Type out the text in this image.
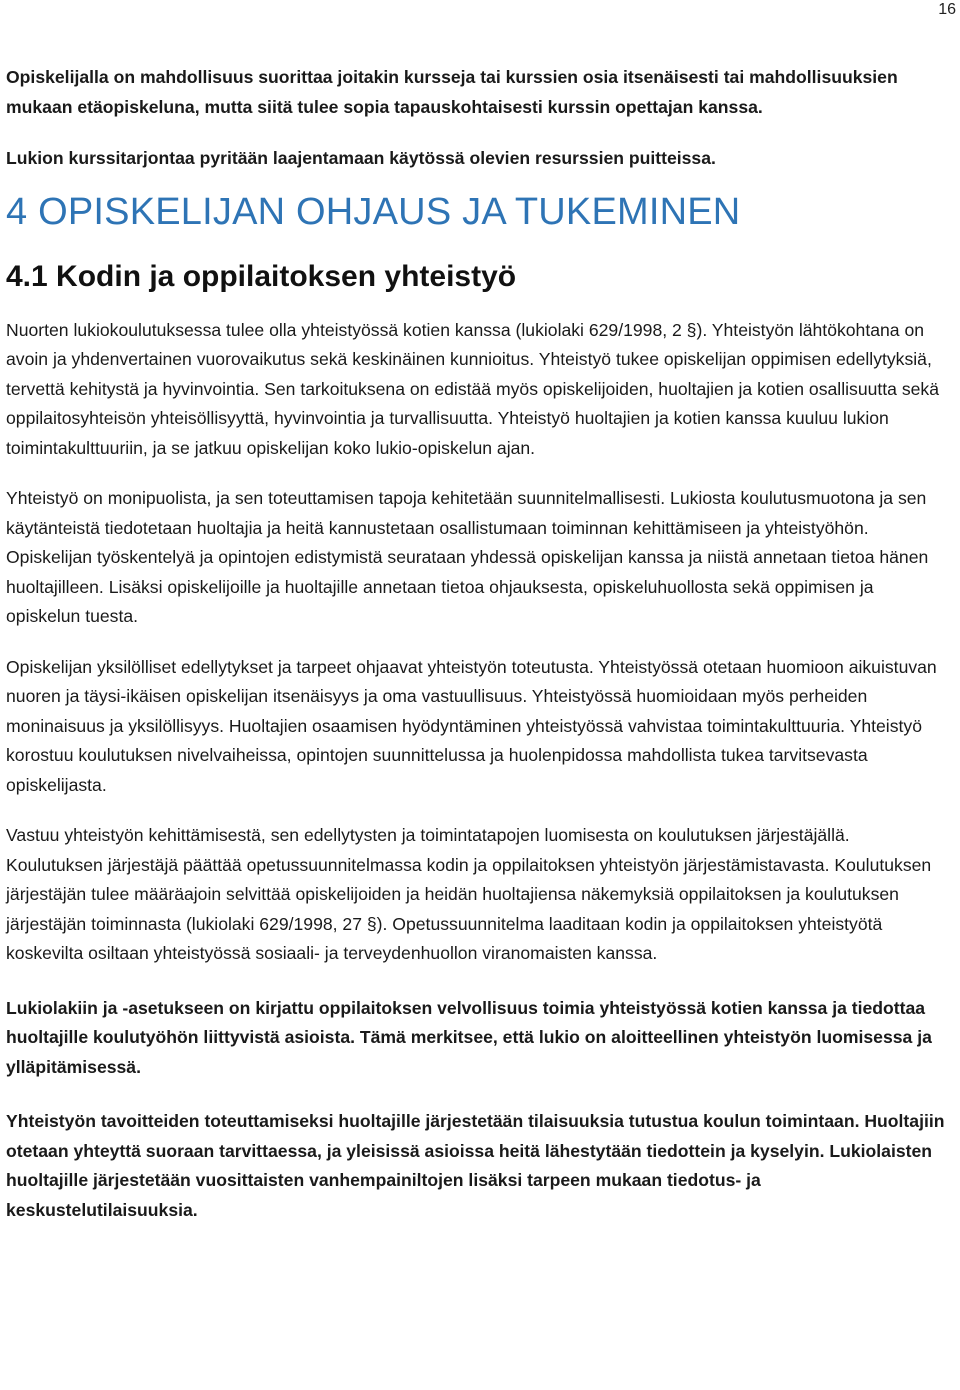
16

Opiskelijalla on mahdollisuus suorittaa joitakin kursseja tai kurssien osia itsenäisesti tai mahdollisuuksien mukaan etäopiskeluna, mutta siitä tulee sopia tapauskohtaisesti kurssin opettajan kanssa.

Lukion kurssitarjontaa pyritään laajentamaan käytössä olevien resurssien puitteissa.

4 OPISKELIJAN OHJAUS JA TUKEMINEN
4.1 Kodin ja oppilaitoksen yhteistyö

Nuorten lukiokoulutuksessa tulee olla yhteistyössä kotien kanssa (lukiolaki 629/1998, 2 §). Yhteistyön lähtökohtana on avoin ja yhdenvertainen vuorovaikutus sekä keskinäinen kunnioitus. Yhteistyö tukee opiskelijan oppimisen edellytyksiä, tervettä kehitystä ja hyvinvointia. Sen tarkoituksena on edistää myös opiskelijoiden, huoltajien ja kotien osallisuutta sekä oppilaitosyhteisön yhteisöllisyyttä, hyvinvointia ja turvallisuutta. Yhteistyö huoltajien ja kotien kanssa kuuluu lukion toimintakulttuuriin, ja se jatkuu opiskelijan koko lukio-opiskelun ajan.

Yhteistyö on monipuolista, ja sen toteuttamisen tapoja kehitetään suunnitelmallisesti. Lukiosta koulutusmuotona ja sen käytänteistä tiedotetaan huoltajia ja heitä kannustetaan osallistumaan toiminnan kehittämiseen ja yhteistyöhön. Opiskelijan työskentelyä ja opintojen edistymistä seurataan yhdessä opiskelijan kanssa ja niistä annetaan tietoa hänen huoltajilleen. Lisäksi opiskelijoille ja huoltajille annetaan tietoa ohjauksesta, opiskeluhuollosta sekä oppimisen ja opiskelun tuesta.

Opiskelijan yksilölliset edellytykset ja tarpeet ohjaavat yhteistyön toteutusta. Yhteistyössä otetaan huomioon aikuistuvan nuoren ja täysi-ikäisen opiskelijan itsenäisyys ja oma vastuullisuus. Yhteistyössä huomioidaan myös perheiden moninaisuus ja yksilöllisyys. Huoltajien osaamisen hyödyntäminen yhteistyössä vahvistaa toimintakulttuuria. Yhteistyö korostuu koulutuksen nivelvaiheissa, opintojen suunnittelussa ja huolenpidossa mahdollista tukea tarvitsevasta opiskelijasta.

Vastuu yhteistyön kehittämisestä, sen edellytysten ja toimintatapojen luomisesta on koulutuksen järjestäjällä. Koulutuksen järjestäjä päättää opetussuunnitelmassa kodin ja oppilaitoksen yhteistyön järjestämistavasta. Koulutuksen järjestäjän tulee määräajoin selvittää opiskelijoiden ja heidän huoltajiensa näkemyksiä oppilaitoksen ja koulutuksen järjestäjän toiminnasta (lukiolaki 629/1998, 27 §). Opetussuunnitelma laaditaan kodin ja oppilaitoksen yhteistyötä koskevilta osiltaan yhteistyössä sosiaali- ja terveydenhuollon viranomaisten kanssa.

Lukiolakiin ja -asetukseen on kirjattu oppilaitoksen velvollisuus toimia yhteistyössä kotien kanssa ja tiedottaa huoltajille koulutyöhön liittyvistä asioista. Tämä merkitsee, että lukio on aloitteellinen yhteistyön luomisessa ja ylläpitämisessä.

Yhteistyön tavoitteiden toteuttamiseksi huoltajille järjestetään tilaisuuksia tutustua koulun toimintaan. Huoltajiin otetaan yhteyttä suoraan tarvittaessa, ja yleisissä asioissa heitä lähestytään tiedottein ja kyselyin. Lukiolaisten huoltajille järjestetään vuosittaisten vanhempainiltojen lisäksi tarpeen mukaan tiedotus- ja keskustelutilaisuuksia.
